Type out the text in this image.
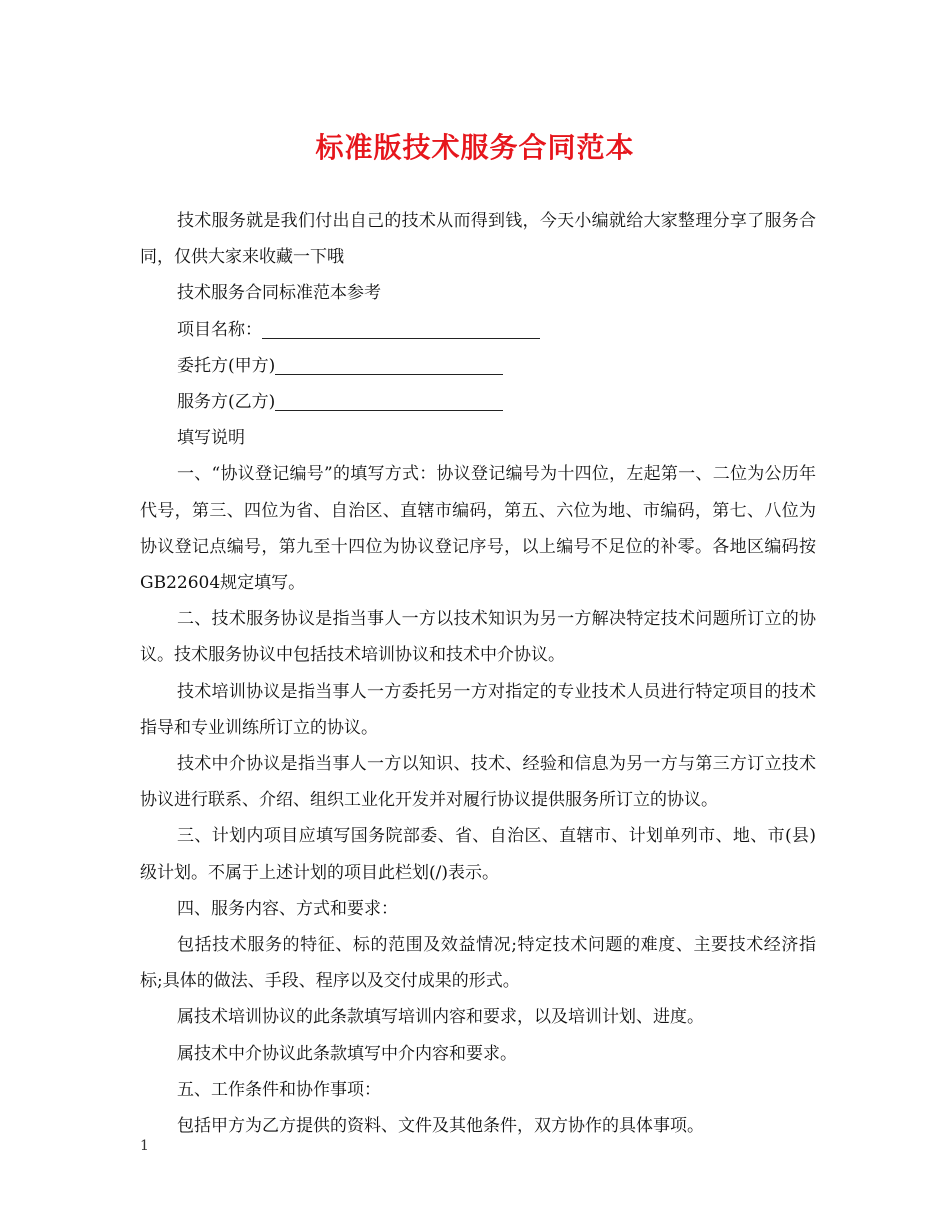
标准版技术服务合同范本

技术服务就是我们付出自己的技术从而得到钱，今天小编就给大家整理分享了服务合同，仅供大家来收藏一下哦

技术服务合同标准范本参考

项目名称：

委托方(甲方)

服务方(乙方)

填写说明

一、“协议登记编号”的填写方式：协议登记编号为十四位，左起第一、二位为公历年代号，第三、四位为省、自治区、直辖市编码，第五、六位为地、市编码，第七、八位为协议登记点编号，第九至十四位为协议登记序号，以上编号不足位的补零。各地区编码按GB22604规定填写。

二、技术服务协议是指当事人一方以技术知识为另一方解决特定技术问题所订立的协议。技术服务协议中包括技术培训协议和技术中介协议。

技术培训协议是指当事人一方委托另一方对指定的专业技术人员进行特定项目的技术指导和专业训练所订立的协议。

技术中介协议是指当事人一方以知识、技术、经验和信息为另一方与第三方订立技术协议进行联系、介绍、组织工业化开发并对履行协议提供服务所订立的协议。

三、计划内项目应填写国务院部委、省、自治区、直辖市、计划单列市、地、市(县)级计划。不属于上述计划的项目此栏划(/)表示。

四、服务内容、方式和要求：

包括技术服务的特征、标的范围及效益情况;特定技术问题的难度、主要技术经济指标;具体的做法、手段、程序以及交付成果的形式。

属技术培训协议的此条款填写培训内容和要求，以及培训计划、进度。

属技术中介协议此条款填写中介内容和要求。

五、工作条件和协作事项：

包括甲方为乙方提供的资料、文件及其他条件，双方协作的具体事项。

1
